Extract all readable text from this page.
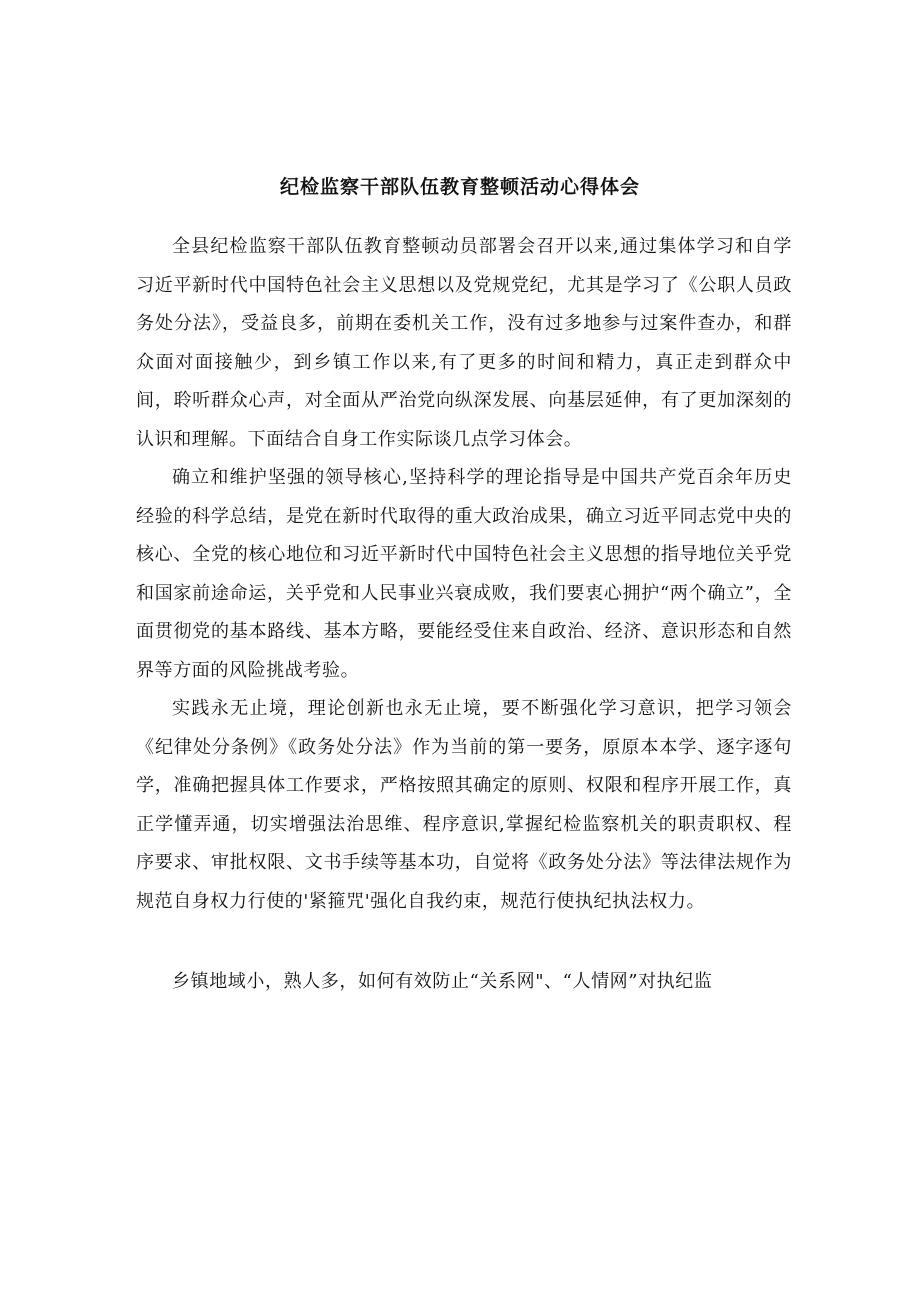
纪检监察干部队伍教育整顿活动心得体会

全县纪检监察干部队伍教育整顿动员部署会召开以来,通过集体学习和自学习近平新时代中国特色社会主义思想以及党规党纪，尤其是学习了《公职人员政务处分法》，受益良多，前期在委机关工作，没有过多地参与过案件查办，和群众面对面接触少，到乡镇工作以来,有了更多的时间和精力，真正走到群众中间，聆听群众心声，对全面从严治党向纵深发展、向基层延伸，有了更加深刻的认识和理解。下面结合自身工作实际谈几点学习体会。

确立和维护坚强的领导核心,坚持科学的理论指导是中国共产党百余年历史经验的科学总结，是党在新时代取得的重大政治成果，确立习近平同志党中央的核心、全党的核心地位和习近平新时代中国特色社会主义思想的指导地位关乎党和国家前途命运，关乎党和人民事业兴衰成败，我们要衷心拥护“两个确立”，全面贯彻党的基本路线、基本方略，要能经受住来自政治、经济、意识形态和自然界等方面的风险挑战考验。

实践永无止境，理论创新也永无止境，要不断强化学习意识，把学习领会《纪律处分条例》《政务处分法》作为当前的第一要务，原原本本学、逐字逐句学，准确把握具体工作要求，严格按照其确定的原则、权限和程序开展工作，真正学懂弄通，切实增强法治思维、程序意识,掌握纪检监察机关的职责职权、程序要求、审批权限、文书手续等基本功，自觉将《政务处分法》等法律法规作为规范自身权力行使的'紧箍咒'强化自我约束，规范行使执纪执法权力。

乡镇地域小，熟人多，如何有效防止“关系网"、“人情网”对执纪监
